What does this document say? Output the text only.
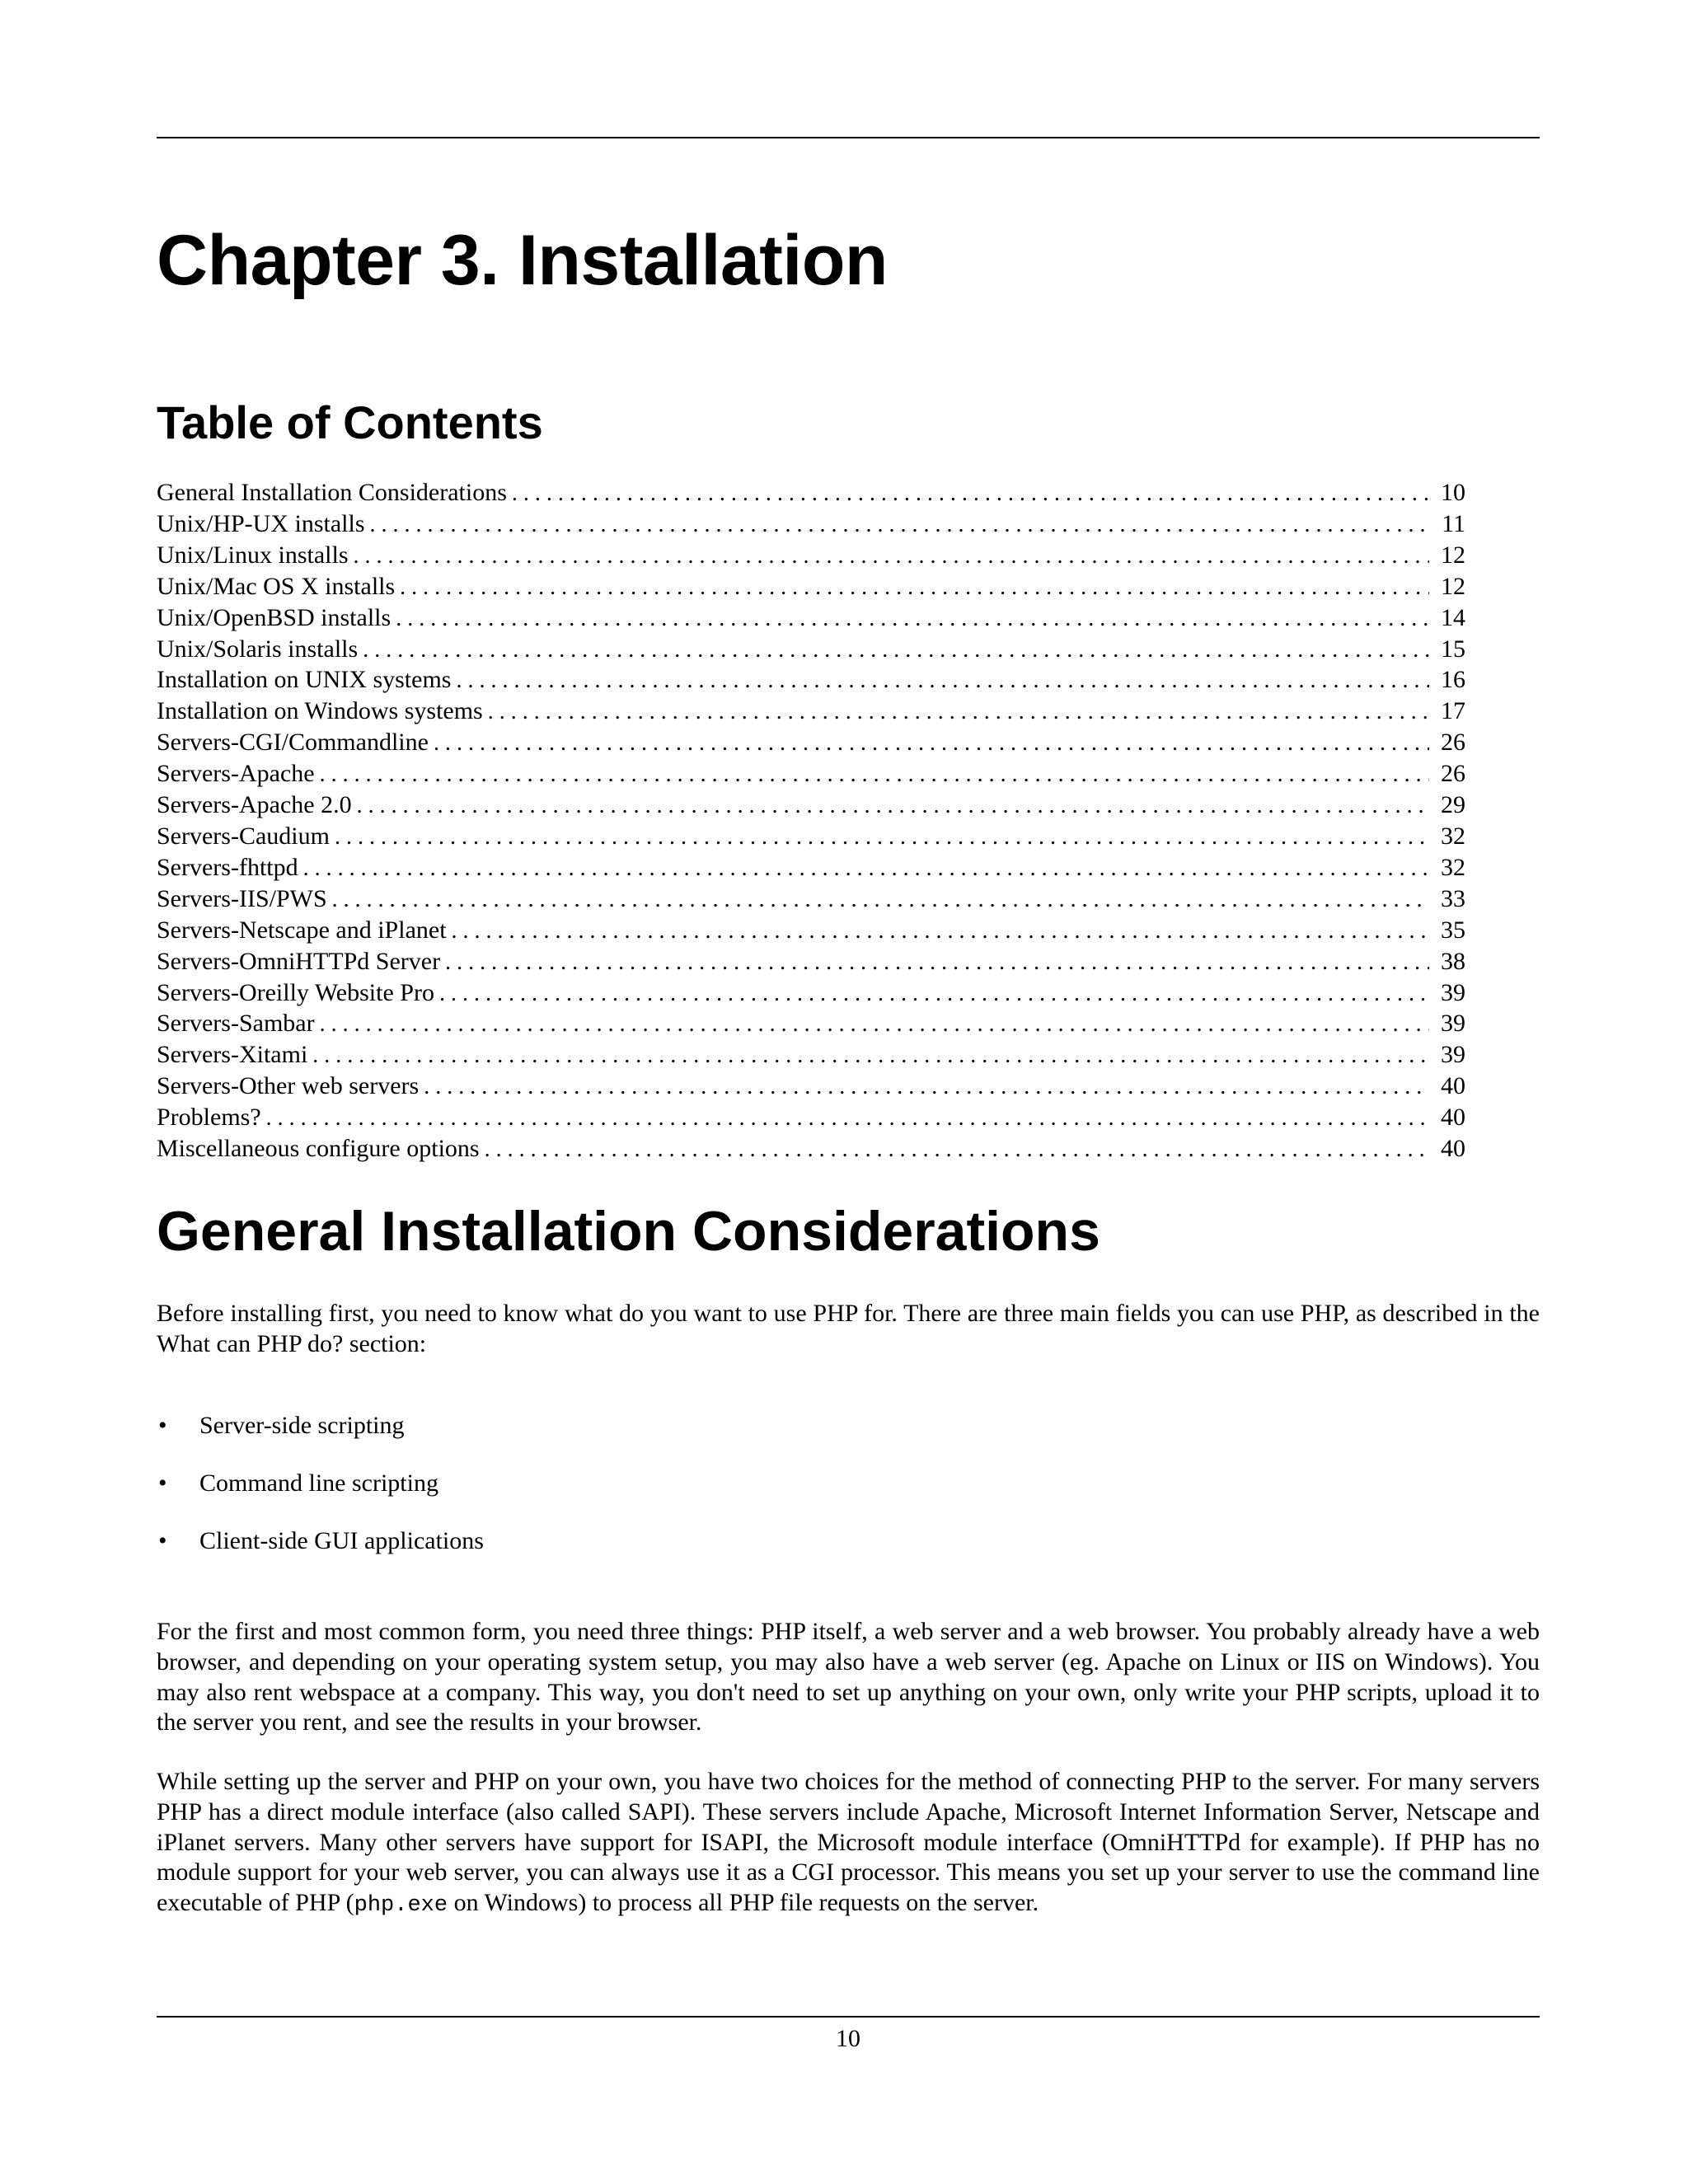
Chapter 3. Installation
Table of Contents
General Installation Considerations . . .	10
Unix/HP-UX installs . . .	11
Unix/Linux installs . . .	12
Unix/Mac OS X installs . . .	12
Unix/OpenBSD installs . . .	14
Unix/Solaris installs . . .	15
Installation on UNIX systems . . .	16
Installation on Windows systems . . .	17
Servers-CGI/Commandline . . .	26
Servers-Apache . . .	26
Servers-Apache 2.0 . . .	29
Servers-Caudium . . .	32
Servers-fhttpd . . .	32
Servers-IIS/PWS . . .	33
Servers-Netscape and iPlanet . . .	35
Servers-OmniHTTPd Server . . .	38
Servers-Oreilly Website Pro . . .	39
Servers-Sambar . . .	39
Servers-Xitami . . .	39
Servers-Other web servers . . .	40
Problems? . . .	40
Miscellaneous configure options . . .	40
General Installation Considerations

Before installing first, you need to know what do you want to use PHP for. There are three main fields you can use PHP, as described in the What can PHP do? section:

• Server-side scripting
• Command line scripting
• Client-side GUI applications

For the first and most common form, you need three things: PHP itself, a web server and a web browser. You probably already have a web browser, and depending on your operating system setup, you may also have a web server (eg. Apache on Linux or IIS on Windows). You may also rent webspace at a company. This way, you don't need to set up anything on your own, only write your PHP scripts, upload it to the server you rent, and see the results in your browser.

While setting up the server and PHP on your own, you have two choices for the method of connecting PHP to the server. For many servers PHP has a direct module interface (also called SAPI). These servers include Apache, Microsoft Internet Information Server, Netscape and iPlanet servers. Many other servers have support for ISAPI, the Microsoft module interface (OmniHTTPd for example). If PHP has no module support for your web server, you can always use it as a CGI processor. This means you set up your server to use the command line executable of PHP (php.exe on Windows) to process all PHP file requests on the server.

10
